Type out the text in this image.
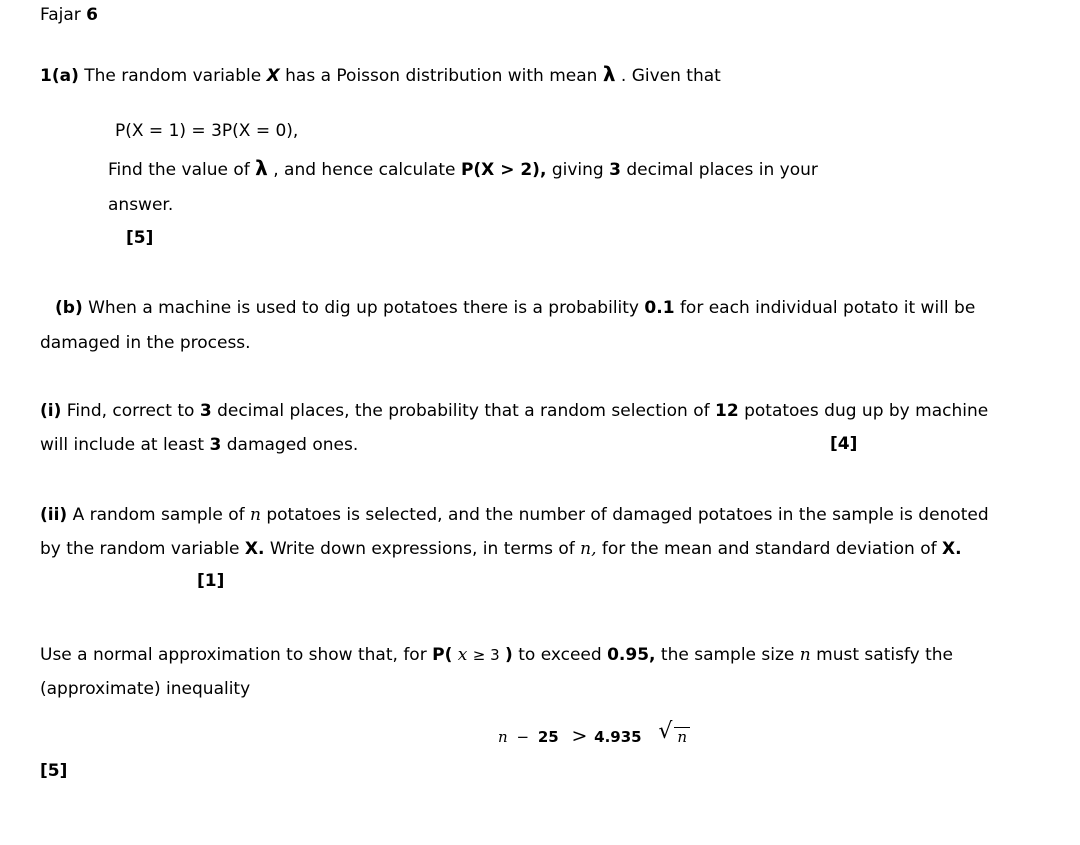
Fajar 6
1(a) The random variable X has a Poisson distribution with mean λ . Given that
P(X = 1) = 3P(X = 0),
Find the value of λ , and hence calculate P(X > 2), giving 3 decimal places in your
answer.
[5]
(b) When a machine is used to dig up potatoes there is a probability 0.1 for each individual potato it will be
damaged in the process.
(i) Find, correct to 3 decimal places, the probability that a random selection of 12 potatoes dug up by machine
will include at least 3 damaged ones.	[4]
(ii) A random sample of n potatoes is selected, and the number of damaged potatoes in the sample is denoted
by the random variable X. Write down expressions, in terms of n, for the mean and standard deviation of X.
[1]
Use a normal approximation to show that, for P( x ≥ 3 ) to exceed 0.95, the sample size n must satisfy the
(approximate) inequality
n − 25 > 4.935 √ n
[5]
